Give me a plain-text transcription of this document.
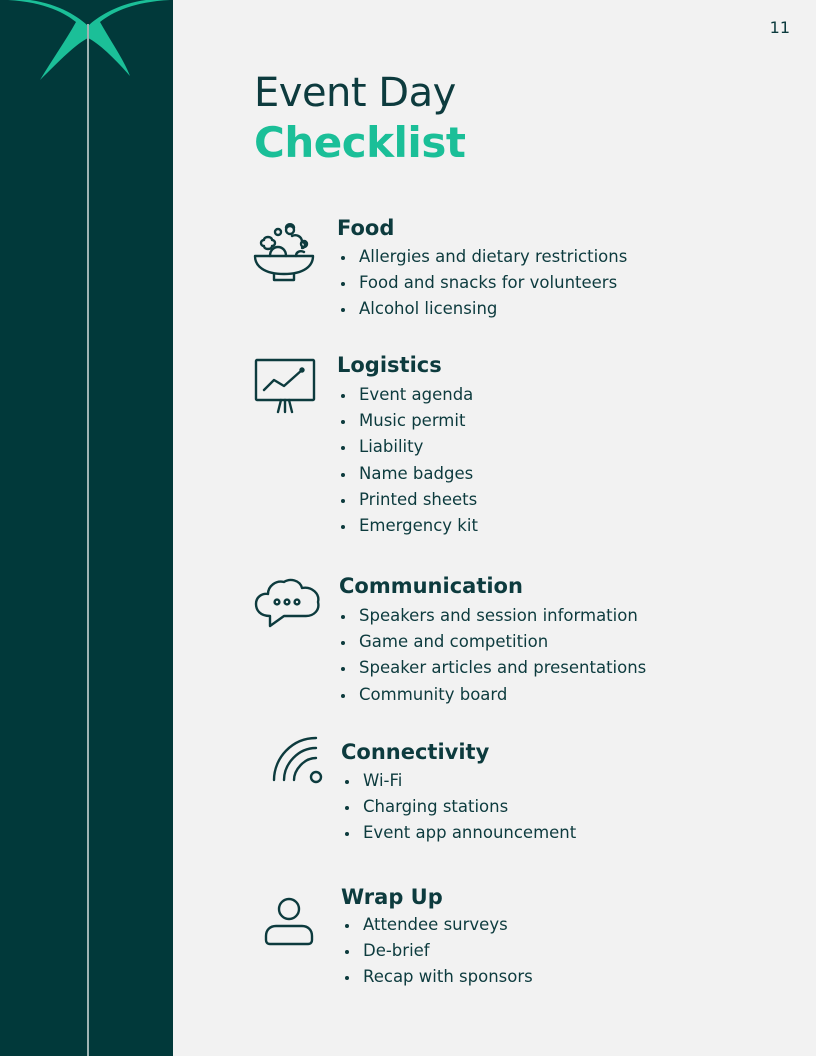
11
Event Day
Checklist
Food
Allergies and dietary restrictions
Food and snacks for volunteers
Alcohol licensing
Logistics
Event agenda
Music permit
Liability
Name badges
Printed sheets
Emergency kit
Communication
Speakers and session information
Game and competition
Speaker articles and presentations
Community board
Connectivity
Wi-Fi
Charging stations
Event app announcement
Wrap Up
Attendee surveys
De-brief
Recap with sponsors
